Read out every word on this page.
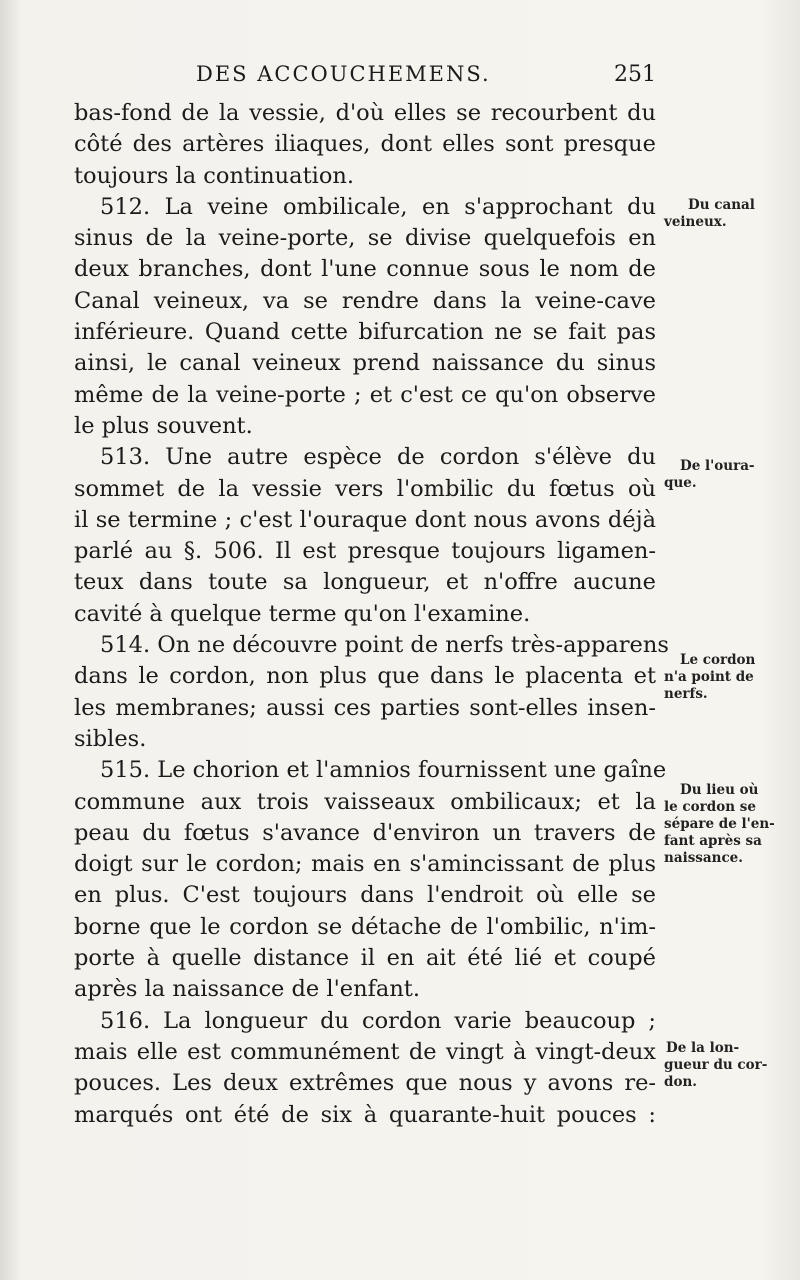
DES ACCOUCHEMENS.	251
bas-fond de la vessie, d'où elles se recourbent du
côté des artères iliaques, dont elles sont presque
toujours la continuation.
512. La veine ombilicale, en s'approchant du
sinus de la veine-porte, se divise quelquefois en
deux branches, dont l'une connue sous le nom de
Canal veineux, va se rendre dans la veine-cave
inférieure. Quand cette bifurcation ne se fait pas
ainsi, le canal veineux prend naissance du sinus
même de la veine-porte ; et c'est ce qu'on observe
le plus souvent.
513. Une autre espèce de cordon s'élève du
sommet de la vessie vers l'ombilic du fœtus où
il se termine ; c'est l'ouraque dont nous avons déjà
parlé au §. 506. Il est presque toujours ligamen-
teux dans toute sa longueur, et n'offre aucune
cavité à quelque terme qu'on l'examine.
514. On ne découvre point de nerfs très-apparens
dans le cordon, non plus que dans le placenta et
les membranes; aussi ces parties sont-elles insen-
sibles.
515. Le chorion et l'amnios fournissent une gaîne
commune aux trois vaisseaux ombilicaux; et la
peau du fœtus s'avance d'environ un travers de
doigt sur le cordon; mais en s'amincissant de plus
en plus. C'est toujours dans l'endroit où elle se
borne que le cordon se détache de l'ombilic, n'im-
porte à quelle distance il en ait été lié et coupé
après la naissance de l'enfant.
516. La longueur du cordon varie beaucoup ;
mais elle est communément de vingt à vingt-deux
pouces. Les deux extrêmes que nous y avons re-
marqués ont été de six à quarante-huit pouces :
Du canal
veineux.
De l'oura-
que.
Le cordon
n'a point de
nerfs.
Du lieu où
le cordon se
sépare de l'en-
fant après sa
naissance.
De la lon-
gueur du cor-
don.
